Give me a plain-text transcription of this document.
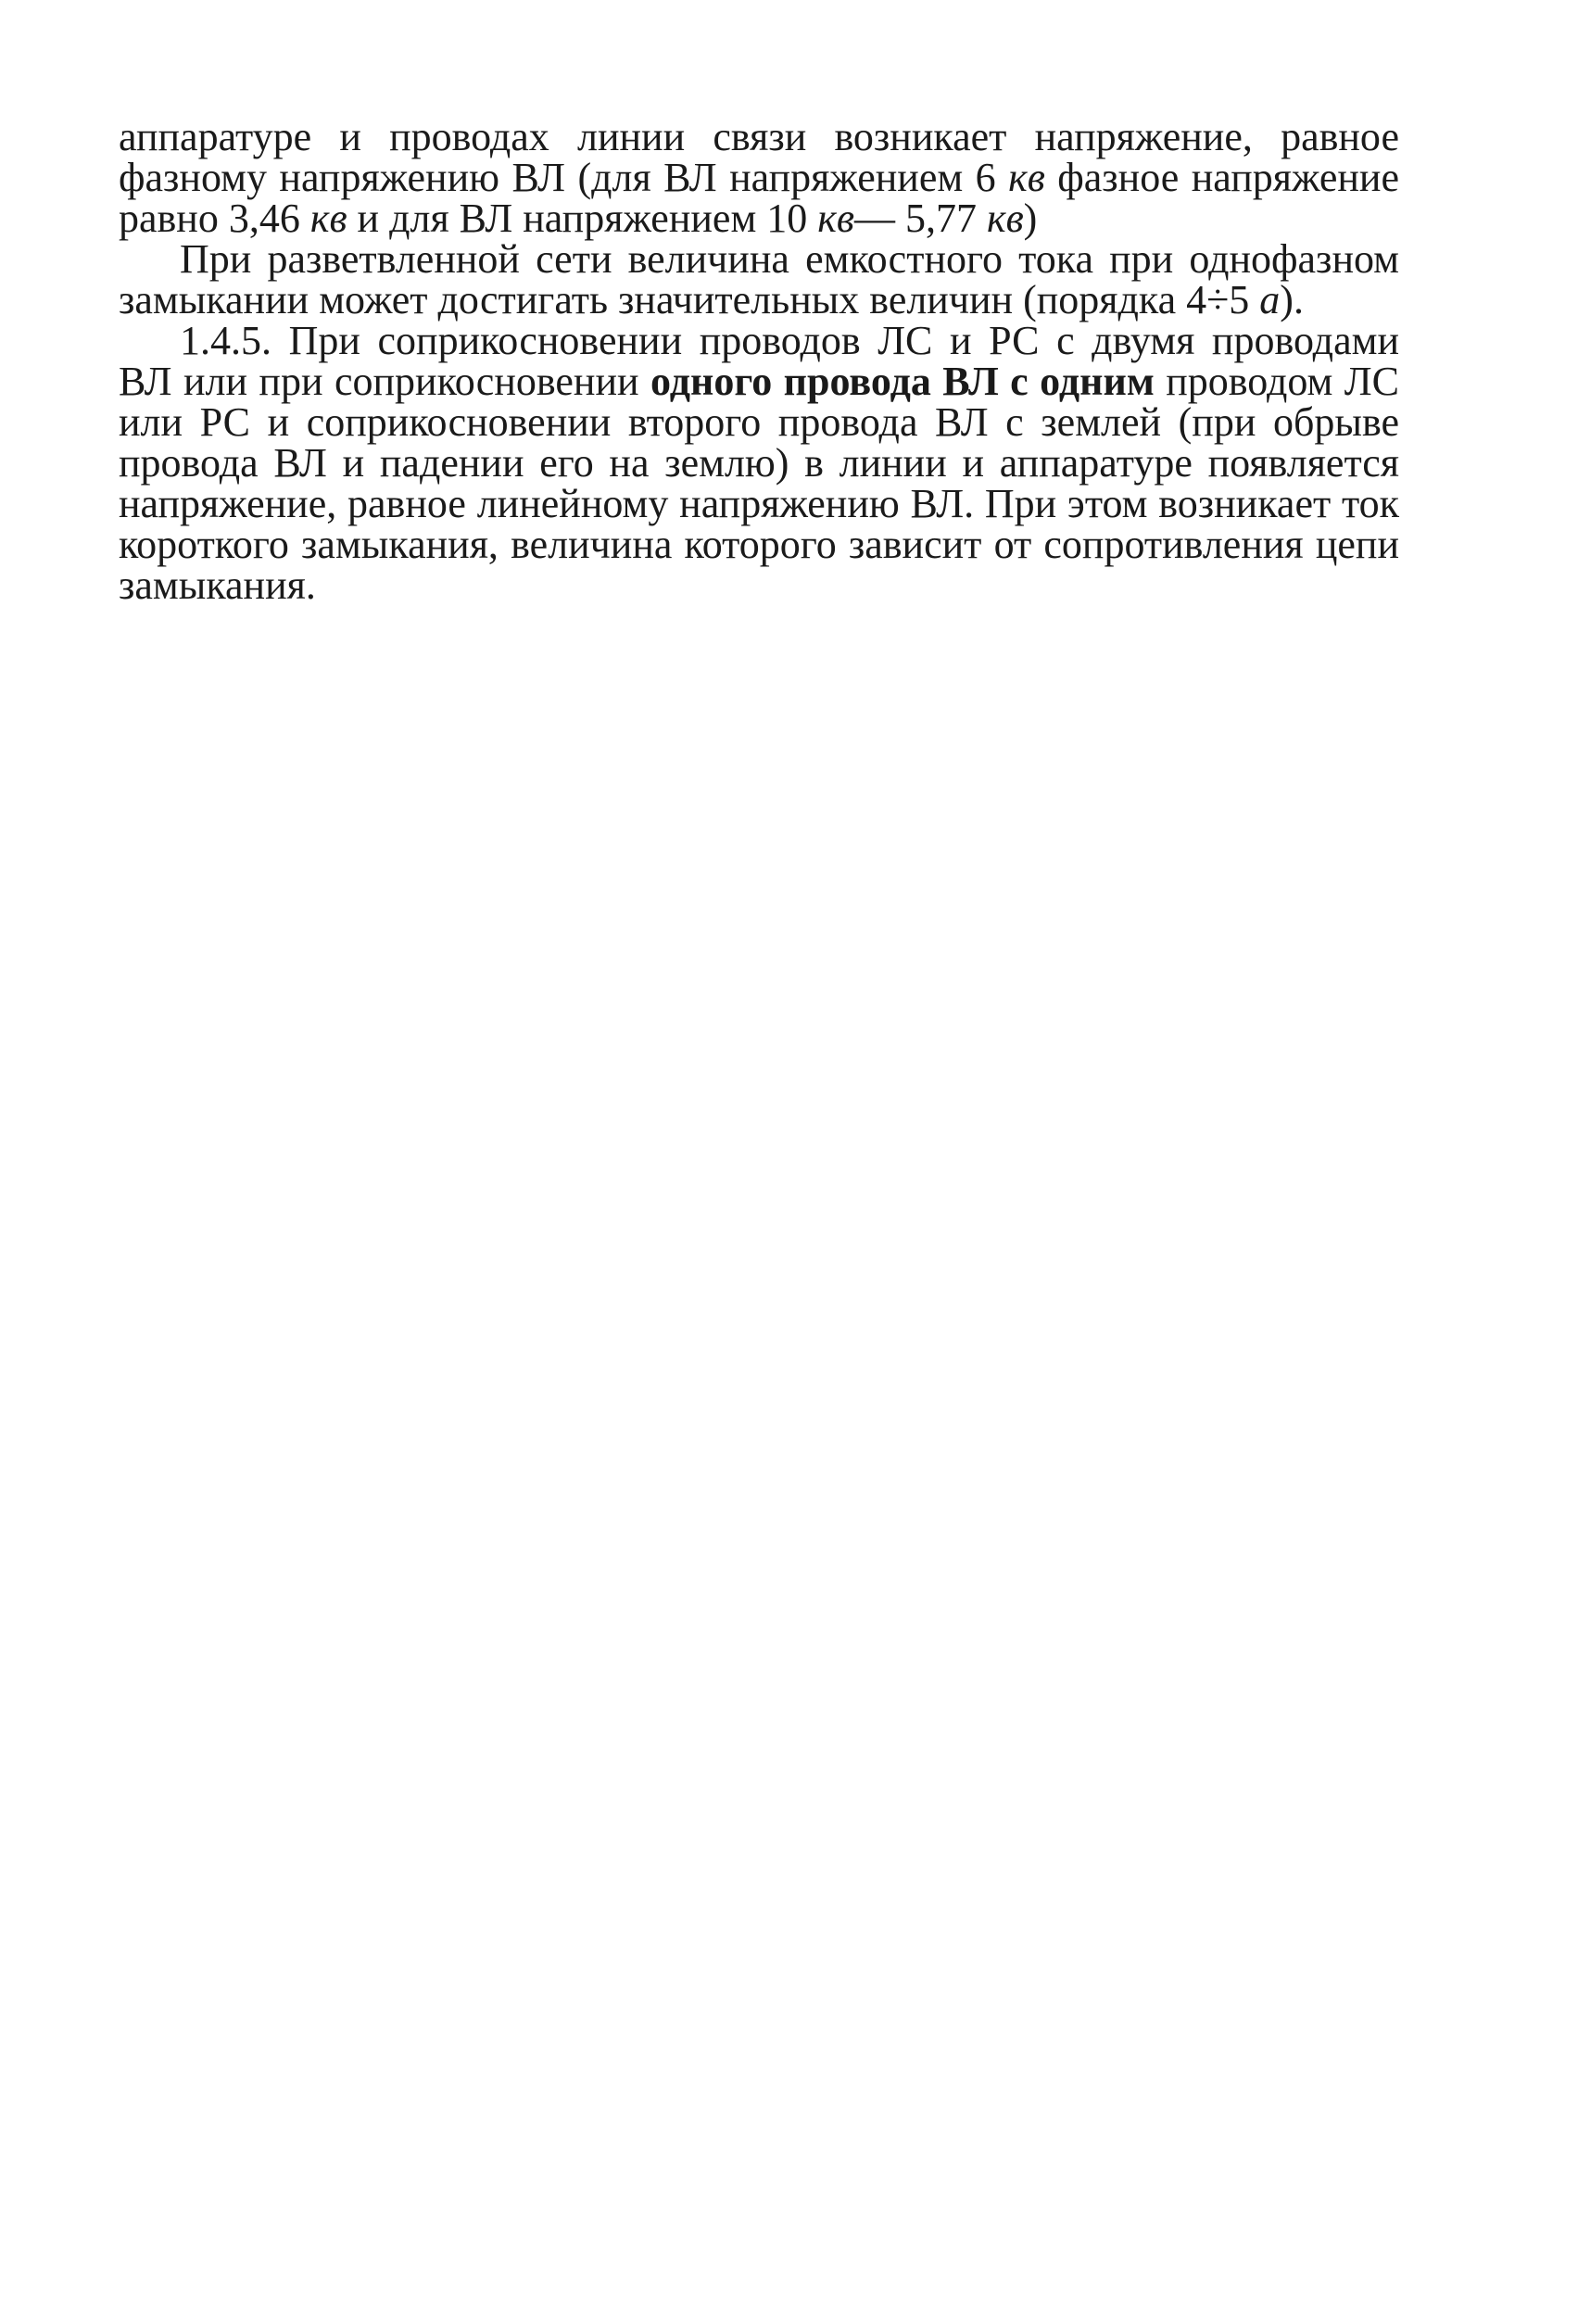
аппаратуре и проводах линии связи возникает напряжение, равное фазному напряжению ВЛ (для ВЛ напряжением 6 кв фазное напряжение равно 3,46 кв и для ВЛ напряжением 10 кв— 5,77 кв)

При разветвленной сети величина емкостного тока при однофазном замыкании может достигать значительных величин (порядка 4÷5 а).

1.4.5. При соприкосновении проводов ЛС и РС с двумя проводами ВЛ или при соприкосновении одного провода ВЛ с одним проводом ЛС или РС и соприкосновении второго провода ВЛ с землей (при обрыве провода ВЛ и падении его на землю) в линии и аппаратуре появляется напряжение, равное линейному напряжению ВЛ. При этом возникает ток короткого замыкания, величина которого зависит от сопротивления цепи замыкания.
